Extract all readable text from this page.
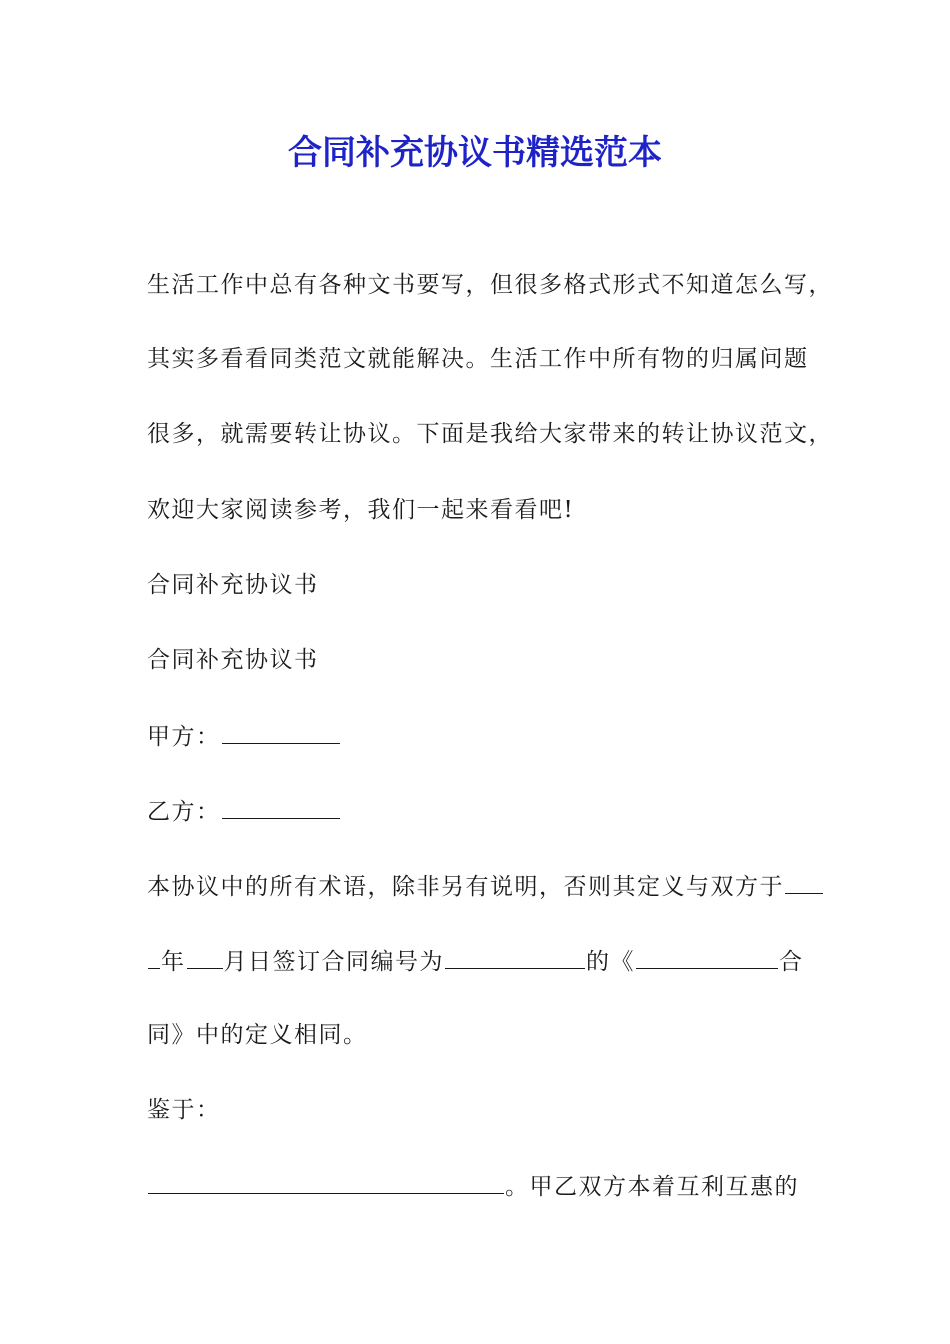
合同补充协议书精选范本
生活工作中总有各种文书要写，但很多格式形式不知道怎么写，
其实多看看同类范文就能解决。生活工作中所有物的归属问题
很多，就需要转让协议。下面是我给大家带来的转让协议范文，
欢迎大家阅读参考，我们一起来看看吧!
合同补充协议书
合同补充协议书
甲方：
乙方：
本协议中的所有术语，除非另有说明，否则其定义与双方于
年 月日签订合同编号为	的《	合
同》中的定义相同。
鉴于：
。甲乙双方本着互利互惠的
